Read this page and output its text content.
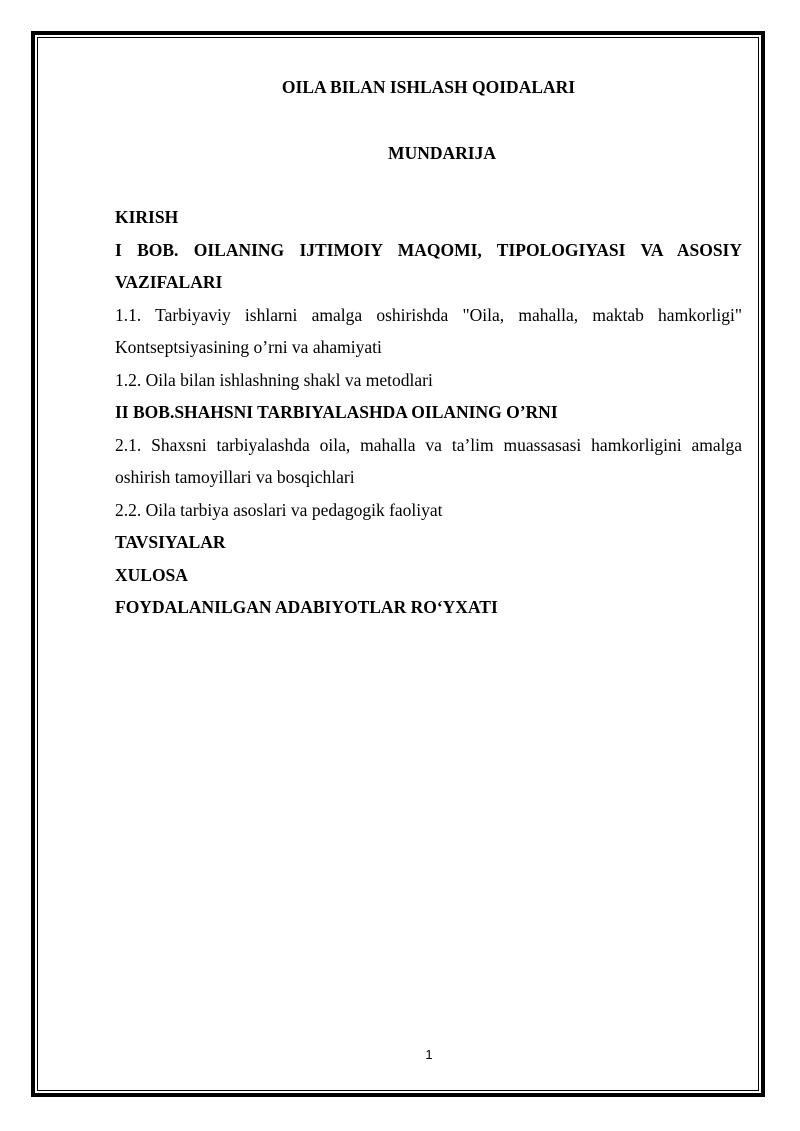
OILA BILAN ISHLASH QOIDALARI
MUNDARIJA
KIRISH
I BOB. OILANING IJTIMOIY MAQOMI, TIPOLOGIYASI VA ASOSIY
VAZIFALARI
1.1. Tarbiyaviy ishlarni amalga oshirishda "Oila, mahalla, maktab hamkorligi"
Kontseptsiyasining o’rni va ahamiyati
1.2. Oila bilan ishlashning shakl va metodlari
II BOB.SHAHSNI TARBIYALASHDA OILANING O’RNI
2.1. Shaxsni tarbiyalashda oila, mahalla va ta’lim muassasasi hamkorligini amalga
oshirish tamoyillari va bosqichlari
2.2. Oila tarbiya asoslari va pedagogik faoliyat
TAVSIYALAR
XULOSA
FOYDALANILGAN ADABIYOTLAR RO‘YXATI
1
